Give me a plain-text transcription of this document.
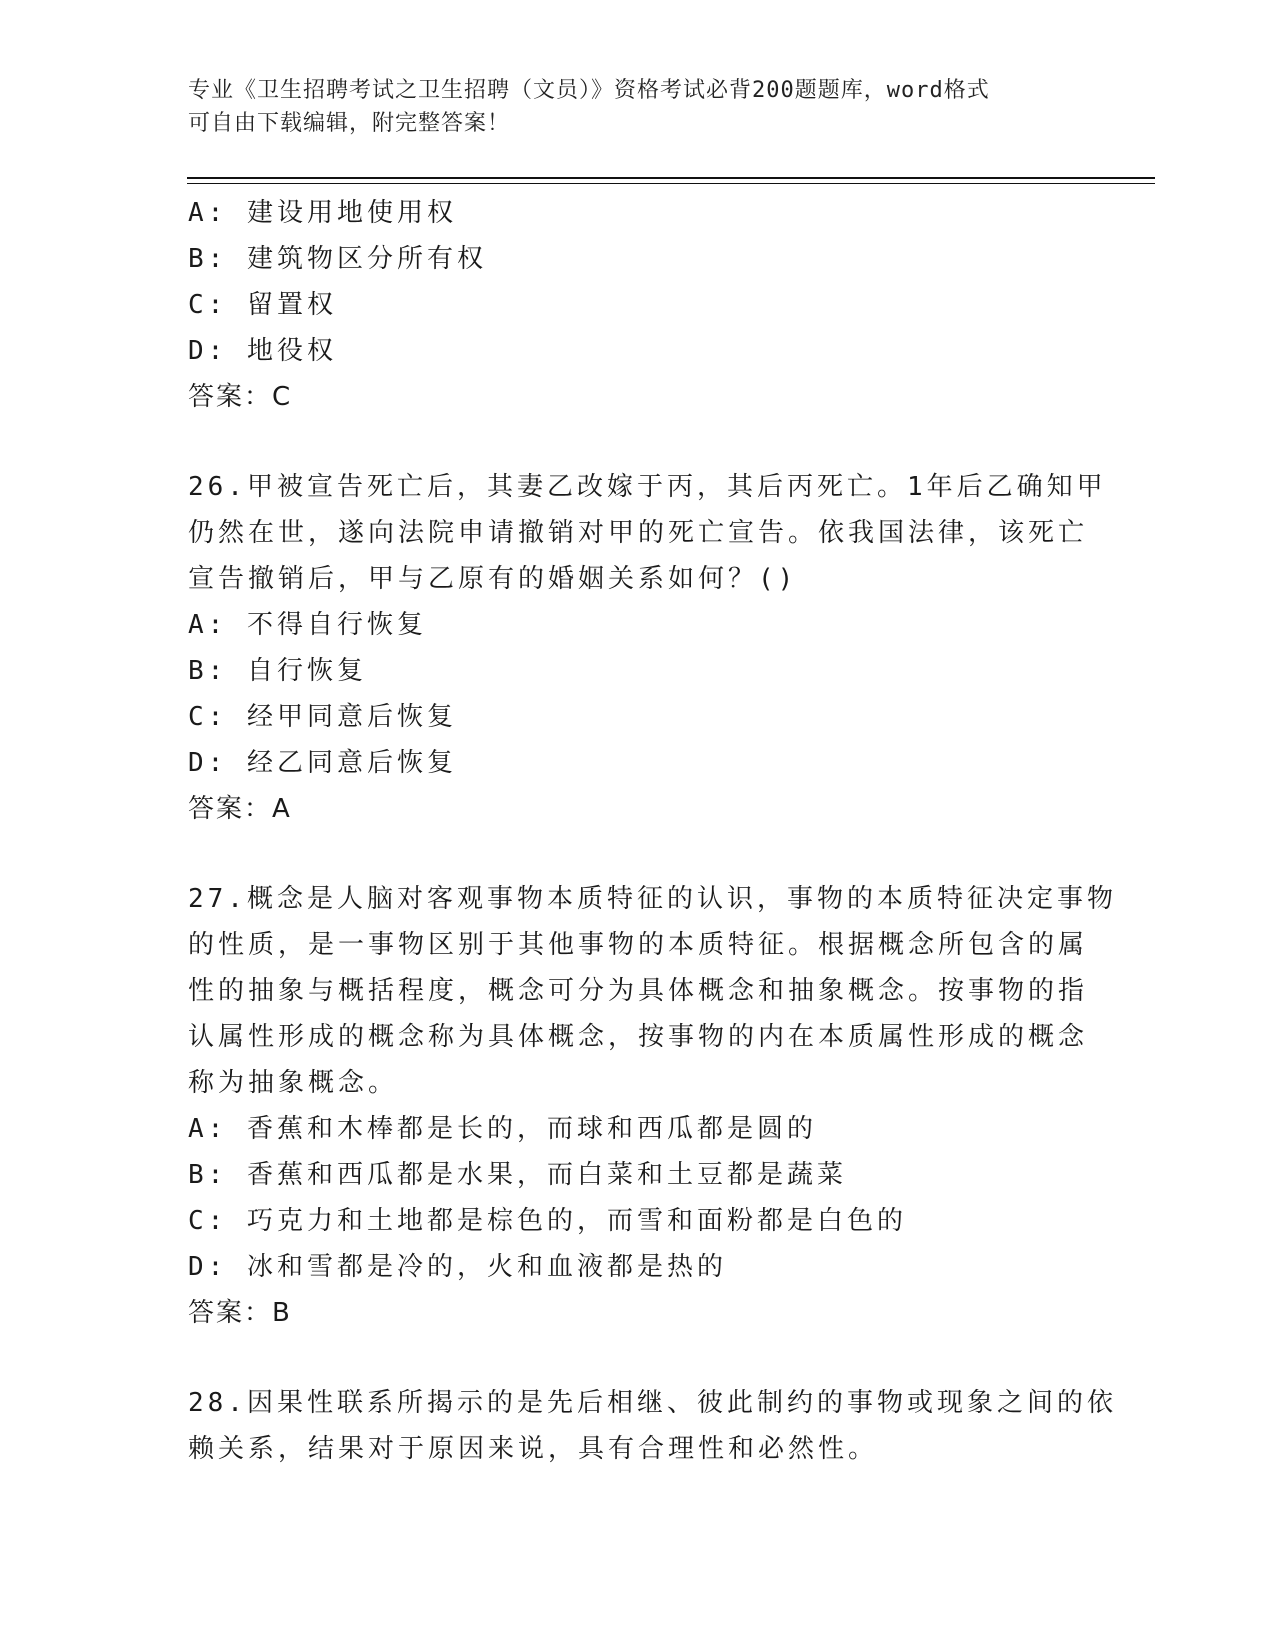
专业《卫生招聘考试之卫生招聘（文员）》资格考试必背200题题库，word格式

可自由下载编辑，附完整答案！

A: 建设用地使用权

B: 建筑物区分所有权

C: 留置权

D: 地役权

答案：C

26.甲被宣告死亡后，其妻乙改嫁于丙，其后丙死亡。1年后乙确知甲

仍然在世，遂向法院申请撤销对甲的死亡宣告。依我国法律，该死亡

宣告撤销后，甲与乙原有的婚姻关系如何？()

A: 不得自行恢复

B: 自行恢复

C: 经甲同意后恢复

D: 经乙同意后恢复

答案：A

27.概念是人脑对客观事物本质特征的认识，事物的本质特征决定事物

的性质，是一事物区别于其他事物的本质特征。根据概念所包含的属

性的抽象与概括程度，概念可分为具体概念和抽象概念。按事物的指

认属性形成的概念称为具体概念，按事物的内在本质属性形成的概念

称为抽象概念。

A: 香蕉和木棒都是长的，而球和西瓜都是圆的

B: 香蕉和西瓜都是水果，而白菜和土豆都是蔬菜

C: 巧克力和土地都是棕色的，而雪和面粉都是白色的

D: 冰和雪都是冷的，火和血液都是热的

答案：B

28.因果性联系所揭示的是先后相继、彼此制约的事物或现象之间的依

赖关系，结果对于原因来说，具有合理性和必然性。
